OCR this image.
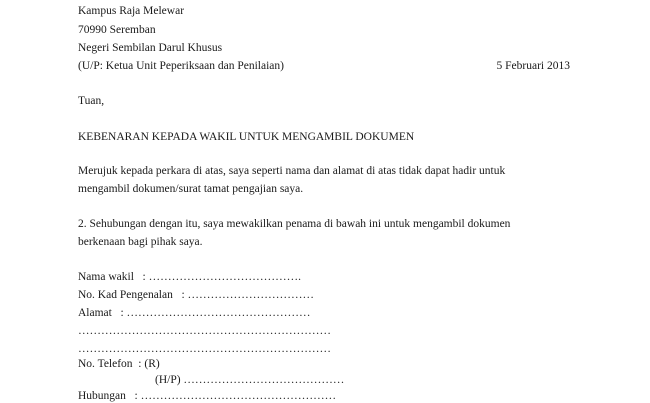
Kampus Raja Melewar
70990 Seremban
Negeri Sembilan Darul Khusus
(U/P: Ketua Unit Peperiksaan dan Penilaian)	5 Februari 2013
Tuan,
KEBENARAN KEPADA WAKIL UNTUK MENGAMBIL DOKUMEN
Merujuk kepada perkara di atas, saya seperti nama dan alamat di atas tidak dapat hadir untuk
mengambil dokumen/surat tamat pengajian saya.
2. Sehubungan dengan itu, saya mewakilkan penama di bawah ini untuk mengambil dokumen
berkenaan bagi pihak saya.
Nama wakil   : ………………………………….
No. Kad Pengenalan   : ……………………………
Alamat   : …………………………………………
…………………………………………………………
…………………………………………………………
No. Telefon  : (R)
(H/P) ……………………………………
Hubungan   : ……………………………………………
